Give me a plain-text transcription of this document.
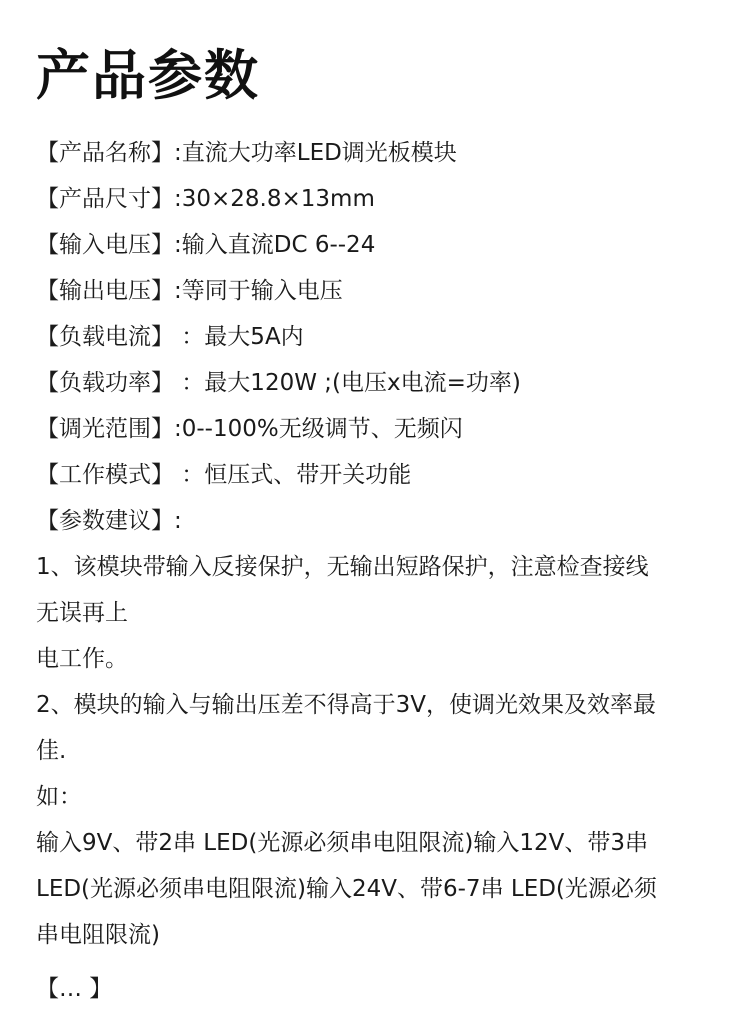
产品参数
【产品名称】:直流大功率LED调光板模块
【产品尺寸】:30×28.8×13mm
【输入电压】:输入直流DC 6--24
【输出电压】:等同于输入电压
【负载电流】 ：最大5A内
【负载功率】 ：最大120W ;(电压x电流=功率)
【调光范围】:0--100%无级调节、无频闪
【工作模式】 ：恒压式、带开关功能
【参数建议】:
1、该模块带输入反接保护，无输出短路保护，注意检查接线
无误再上
电工作。
2、模块的输入与输出压差不得高于3V，使调光效果及效率最
佳.
如：
输入9V、带2串 LED(光源必须串电阻限流)输入12V、带3串
LED(光源必须串电阻限流)输入24V、带6-7串 LED(光源必须
串电阻限流)
【… 】
